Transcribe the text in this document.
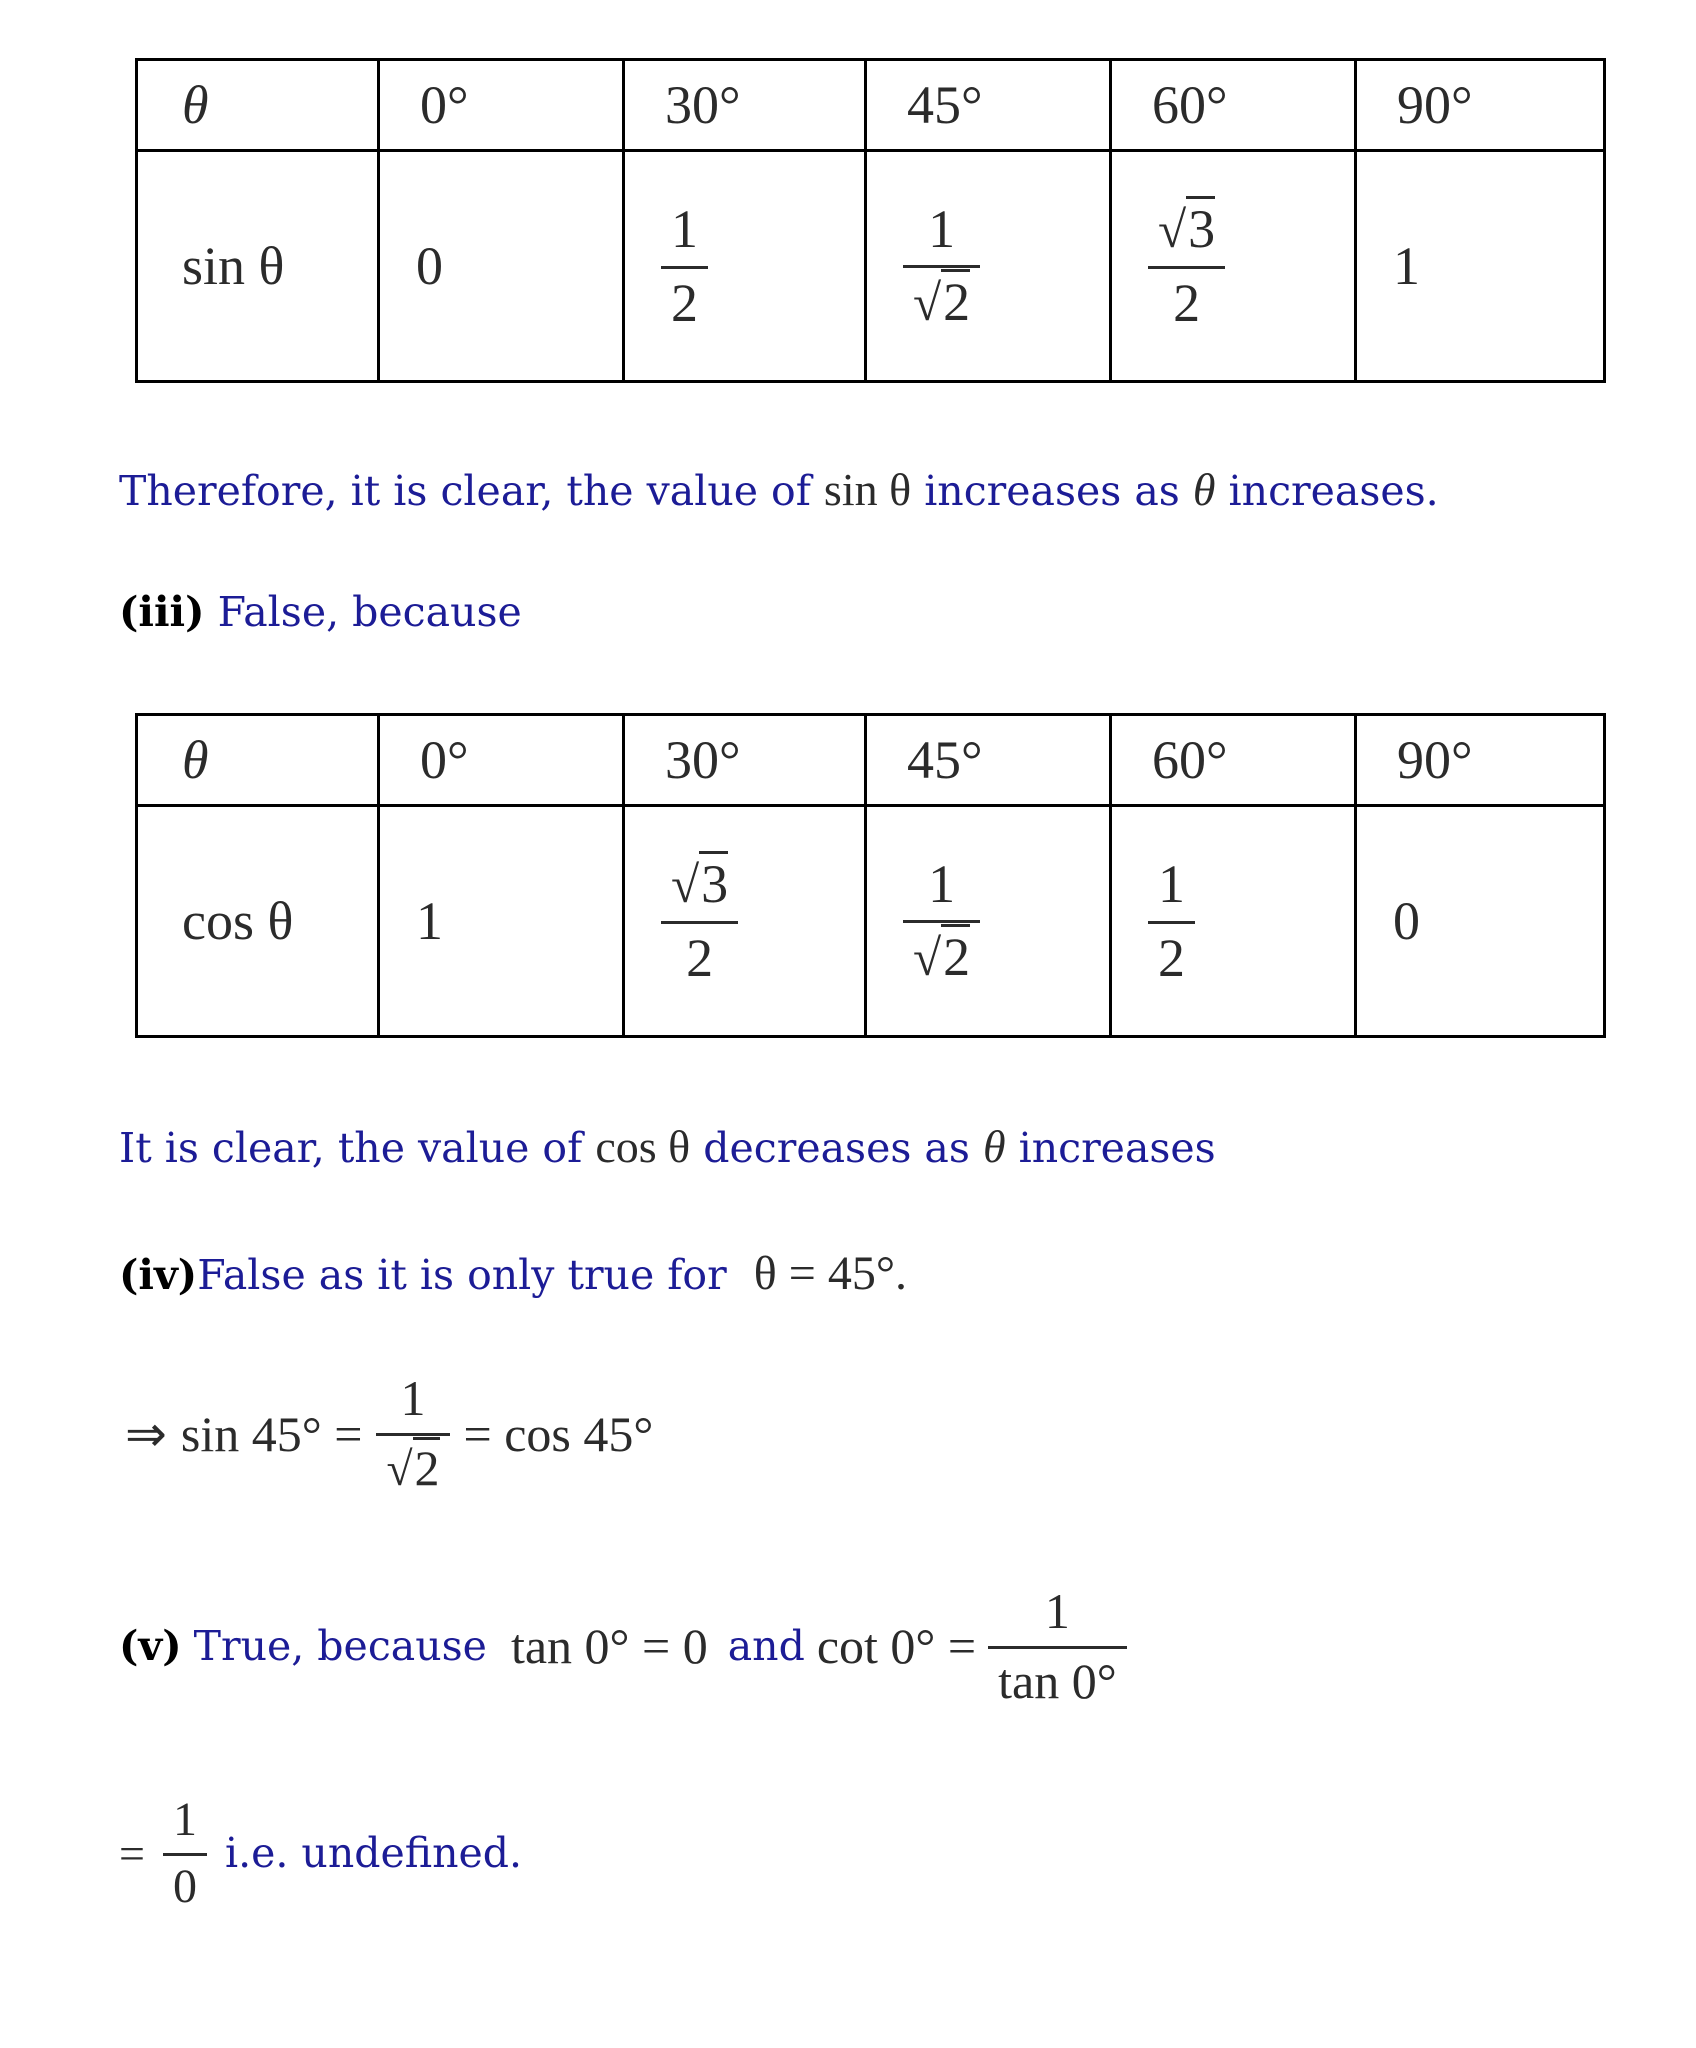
θ	0°	30°	45°	60°	90°
sin θ	0	$\frac{1}{2}$	$\frac{1}{√2}$	$\frac{√3}{2}$	1
Therefore, it is clear, the value of sin θ increases as θ increases.
(iii) False, because
θ	0°	30°	45°	60°	90°
cos θ	1	$\frac{√3}{2}$	$\frac{1}{√2}$	$\frac{1}{2}$	0
It is clear, the value of cos θ decreases as θ increases
(iv)False as it is only true for θ = 45°.
⇒ $\sin 45^\circ = \frac{1}{√2} = \cos 45^\circ$
(v) True, because tan 0° = 0 and $\cot 0^\circ = \frac{1}{\tan 0^\circ}$
= $\frac{1}{0} i.e$. undefined.
